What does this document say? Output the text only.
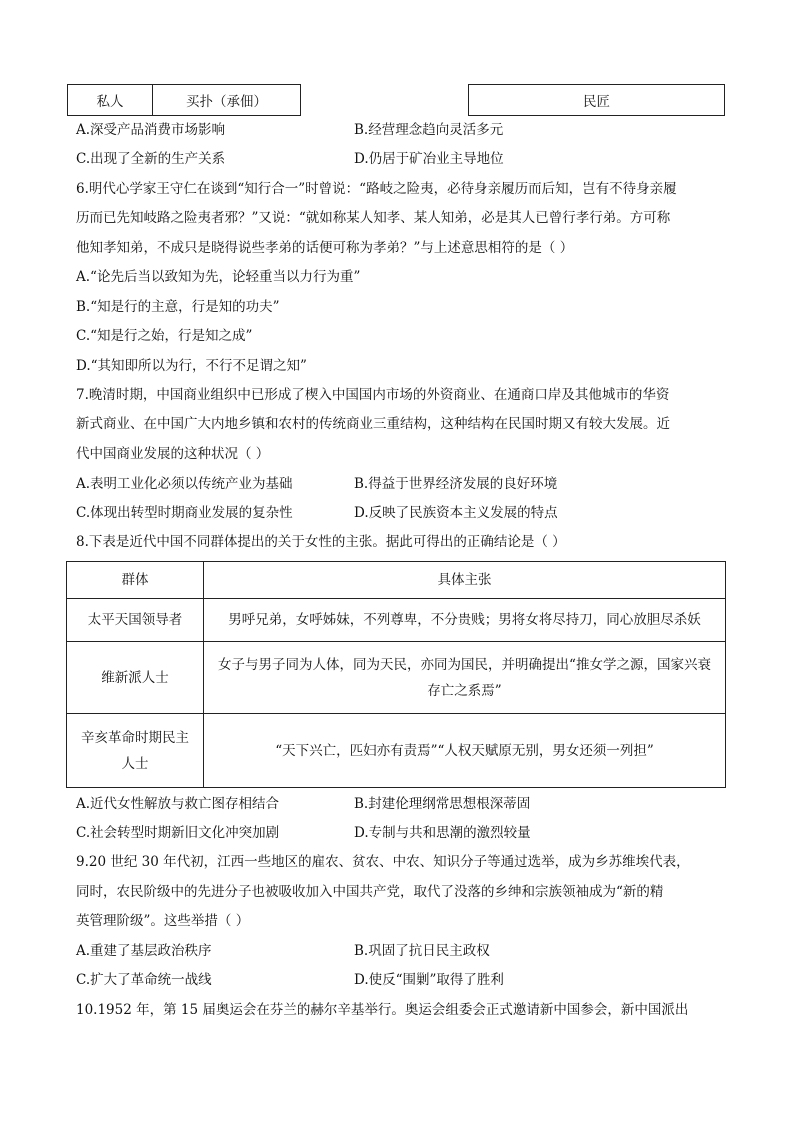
私人	买扑（承佃）	民匠
A.深受产品消费市场影响	B.经营理念趋向灵活多元
C.出现了全新的生产关系	D.仍居于矿冶业主导地位
6.明代心学家王守仁在谈到“知行合一”时曾说：“路岐之险夷，必待身亲履历而后知，岂有不待身亲履
历而已先知岐路之险夷者邪？”又说：“就如称某人知孝、某人知弟，必是其人已曾行孝行弟。方可称
他知孝知弟，不成只是晓得说些孝弟的话便可称为孝弟？”与上述意思相符的是（ ）
A.“论先后当以致知为先，论轻重当以力行为重”
B.“知是行的主意，行是知的功夫”
C.“知是行之始，行是知之成”
D.“其知即所以为行，不行不足谓之知”
7.晚清时期，中国商业组织中已形成了楔入中国国内市场的外资商业、在通商口岸及其他城市的华资
新式商业、在中国广大内地乡镇和农村的传统商业三重结构，这种结构在民国时期又有较大发展。近
代中国商业发展的这种状况（ ）
A.表明工业化必须以传统产业为基础	B.得益于世界经济发展的良好环境
C.体现出转型时期商业发展的复杂性	D.反映了民族资本主义发展的特点
8.下表是近代中国不同群体提出的关于女性的主张。据此可得出的正确结论是（ ）
群体	具体主张
太平天国领导者	男呼兄弟，女呼姊妹，不列尊卑，不分贵贱；男将女将尽持刀，同心放胆尽杀妖
维新派人士	女子与男子同为人体，同为天民，亦同为国民，并明确提出“推女学之源，国家兴衰
存亡之系焉”

辛亥革命时期民主
人士	“天下兴亡，匹妇亦有责焉”“人权天赋原无别，男女还须一列担”
A.近代女性解放与救亡图存相结合	B.封建伦理纲常思想根深蒂固
C.社会转型时期新旧文化冲突加剧	D.专制与共和思潮的激烈较量
9.20 世纪 30 年代初，江西一些地区的雇农、贫农、中农、知识分子等通过选举，成为乡苏维埃代表，
同时，农民阶级中的先进分子也被吸收加入中国共产党，取代了没落的乡绅和宗族领袖成为“新的精
英管理阶级”。这些举措（ ）
A.重建了基层政治秩序	B.巩固了抗日民主政权
C.扩大了革命统一战线	D.使反“围剿”取得了胜利
10.1952 年，第 15 届奥运会在芬兰的赫尔辛基举行。奥运会组委会正式邀请新中国参会，新中国派出
